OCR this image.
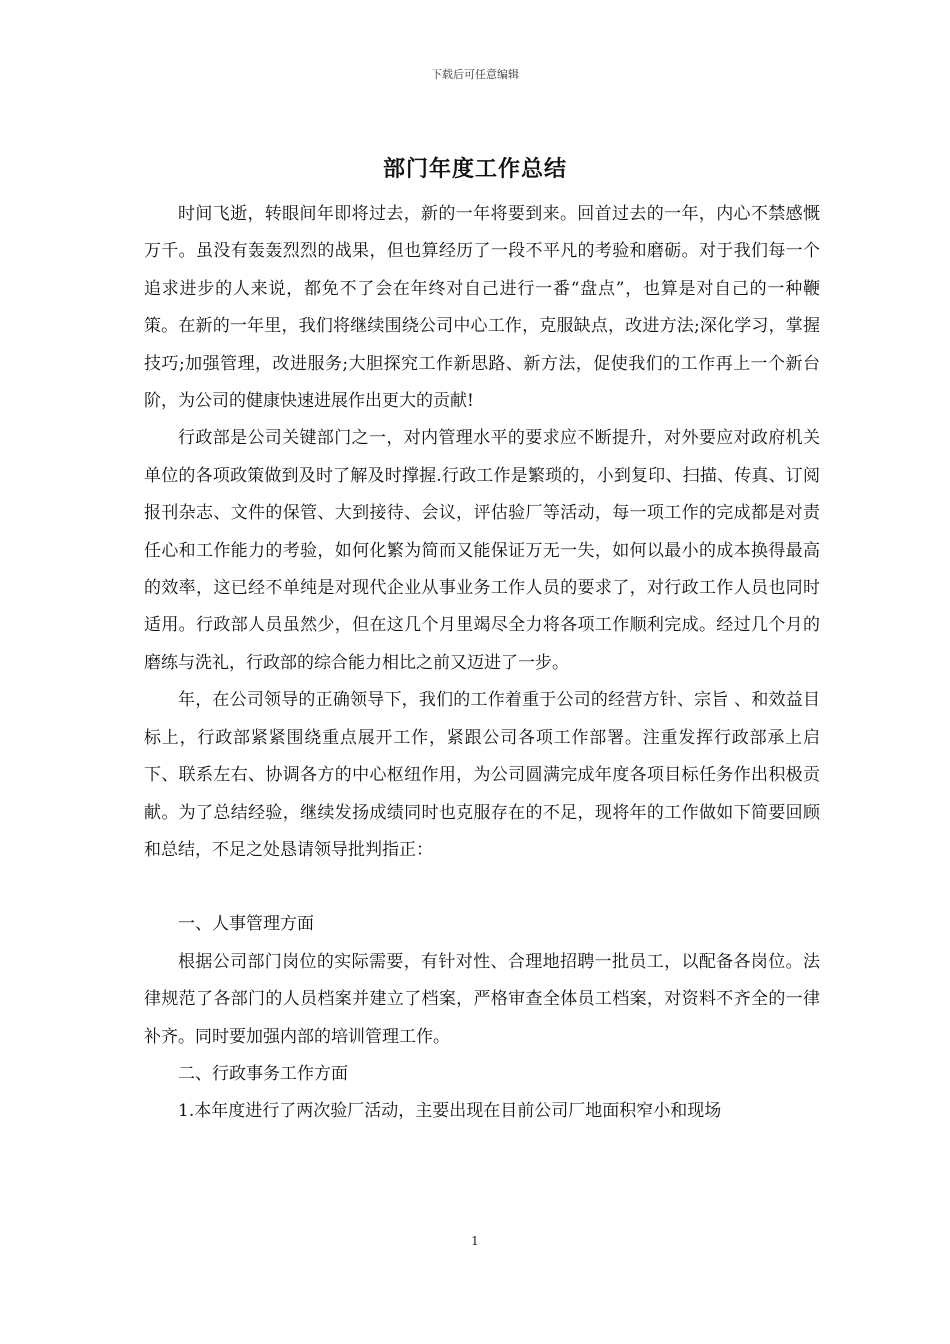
下载后可任意编辑
部门年度工作总结

时间飞逝，转眼间年即将过去，新的一年将要到来。回首过去的一年，内心不禁感慨万千。虽没有轰轰烈烈的战果，但也算经历了一段不平凡的考验和磨砺。对于我们每一个追求进步的人来说，都免不了会在年终对自己进行一番“盘点”，也算是对自己的一种鞭策。在新的一年里，我们将继续围绕公司中心工作，克服缺点，改进方法;深化学习，掌握技巧;加强管理，改进服务;大胆探究工作新思路、新方法，促使我们的工作再上一个新台阶，为公司的健康快速进展作出更大的贡献!

行政部是公司关键部门之一，对内管理水平的要求应不断提升，对外要应对政府机关单位的各项政策做到及时了解及时撑握.行政工作是繁琐的，小到复印、扫描、传真、订阅报刊杂志、文件的保管、大到接待、会议，评估验厂等活动，每一项工作的完成都是对责任心和工作能力的考验，如何化繁为简而又能保证万无一失，如何以最小的成本换得最高的效率，这已经不单纯是对现代企业从事业务工作人员的要求了，对行政工作人员也同时适用。行政部人员虽然少，但在这几个月里竭尽全力将各项工作顺利完成。经过几个月的磨练与洗礼，行政部的综合能力相比之前又迈进了一步。

年，在公司领导的正确领导下，我们的工作着重于公司的经营方针、宗旨 、和效益目标上，行政部紧紧围绕重点展开工作，紧跟公司各项工作部署。注重发挥行政部承上启下、联系左右、协调各方的中心枢纽作用，为公司圆满完成年度各项目标任务作出积极贡献。为了总结经验，继续发扬成绩同时也克服存在的不足，现将年的工作做如下简要回顾和总结，不足之处恳请领导批判指正：

一、人事管理方面

根据公司部门岗位的实际需要，有针对性、合理地招聘一批员工，以配备各岗位。法律规范了各部门的人员档案并建立了档案，严格审查全体员工档案，对资料不齐全的一律补齐。同时要加强内部的培训管理工作。

二、行政事务工作方面

1.本年度进行了两次验厂活动，主要出现在目前公司厂地面积窄小和现场

1
